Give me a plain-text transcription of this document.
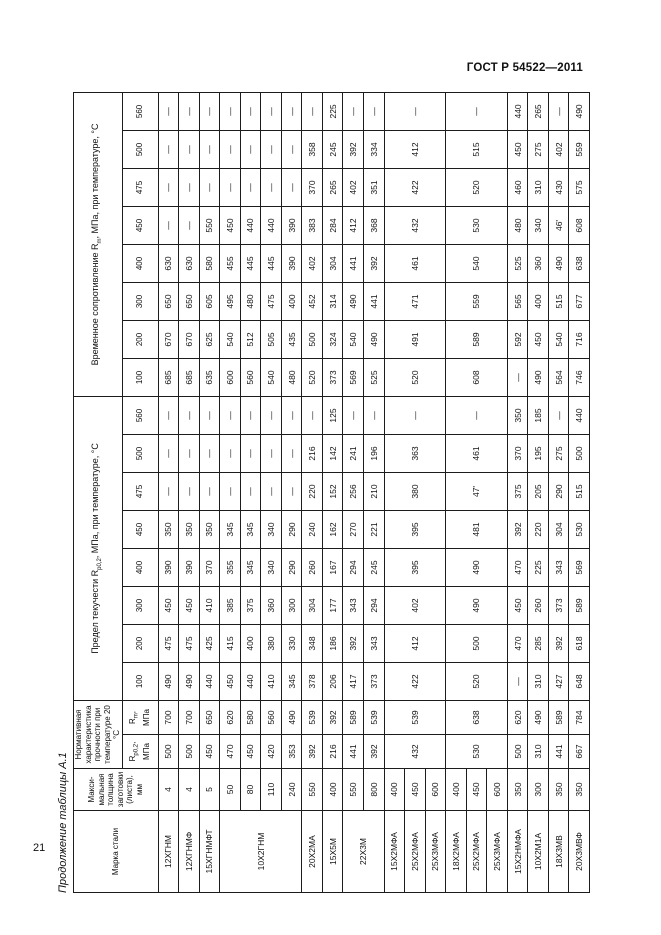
ГОСТ Р 54522—2011
21 Продолжение таблицы А.1	Марка стали	Макси-мальная толщина заготовки (листа), мм	Нормативная характеристика прочности при температуре 20 °С		Предел текучести $R_{p0,2}$, МПа, при температуре, °С								Временное сопротивление $R_m$, МПа, при температуре, °С							
		$R_{p0,2}$, МПа	$R_m$, МПа	100	200	300	400	450	475	500	560	100	200	300	400	450	475	500	560
12ХГНМ	4	500	700	490	475	450	390	350	—	—	—	685	670	650	630	—	—	—	—
12ХГНМФ	4	500	700	490	475	450	390	350	—	—	—	685	670	650	630	—	—	—	—
15ХГНМФТ	5	450	650	440	425	410	370	350	—	—	—	635	625	605	580	550	—	—	—
10Х2ГНМ	50	470	620	450	415	385	355	345	—	—	—	600	540	495	455	450	—	—	—
	80	450	580	440	400	375	345	345	—	—	—	560	512	480	445	440	—	—	—
	110	420	560	410	380	360	340	340	—	—	—	540	505	475	445	440	—	—	—
	240	353	490	345	330	300	290	290	—	—	—	480	435	400	390	390	—	—	—
20Х2МА	550	392	539	378	348	304	260	240	220	216	—	520	500	452	402	383	370	358	—
15Х5М	400	216	392	206	186	177	167	162	152	142	125	373	324	314	304	284	265	245	225
22Х3М	550	441	589	417	392	343	294	270	256	241	—	569	540	490	441	412	402	392	—
	800	392	539	373	343	294	245	221	210	196	—	525	490	441	392	368	351	334	—
15Х2МФА	400	432	539	422	412	402	395	395	380	363	—	520	491	471	461	432	422	412	—
25Х2МФА	450																		
25Х3МФА	600																		
18Х2МФА	400	530	638	520	500	490	490	481	47'	461	—	608	589	559	540	530	520	515	—
25Х2МФА	450																		
25Х3МФА	600																		
15Х2НМФА	350	500	620	—	470	450	470	392	375	370	350	—	592	565	525	480	460	450	440
10Х2М1А	300	310	490	310	285	260	225	220	205	195	185	490	450	400	360	340	310	275	265
18Х3МВ	350	441	589	427	392	373	343	304	290	275	—	564	540	515	490	46'	430	402	—
20Х3МВФ	350	667	784	648	618	589	569	530	515	500	440	746	716	677	638	608	575	559	490
